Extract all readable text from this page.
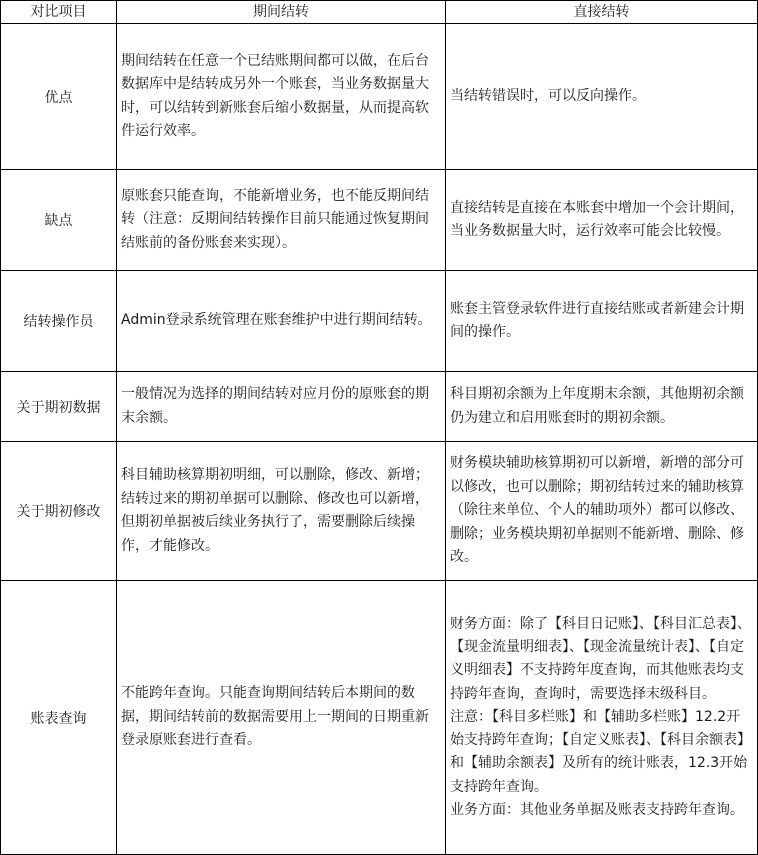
对比项目	期间结转	直接结转
优点	期间结转在任意一个已结账期间都可以做，在后台数据库中是结转成另外一个账套，当业务数据量大时，可以结转到新账套后缩小数据量，从而提高软件运行效率。	当结转错误时，可以反向操作。

缺点	原账套只能查询，不能新增业务，也不能反期间结转（注意：反期间结转操作目前只能通过恢复期间结账前的备份账套来实现）。	直接结转是直接在本账套中增加一个会计期间，当业务数据量大时，运行效率可能会比较慢。

结转操作员	Admin登录系统管理在账套维护中进行期间结转。	账套主管登录软件进行直接结账或者新建会计期间的操作。

关于期初数据	一般情况为选择的期间结转对应月份的原账套的期末余额。	科目期初余额为上年度期末余额，其他期初余额仍为建立和启用账套时的期初余额。

关于期初修改	科目辅助核算期初明细，可以删除，修改、新增；结转过来的期初单据可以删除、修改也可以新增，但期初单据被后续业务执行了，需要删除后续操作，才能修改。	财务模块辅助核算期初可以新增，新增的部分可以修改，也可以删除；期初结转过来的辅助核算（除往来单位、个人的辅助项外）都可以修改、删除；业务模块期初单据则不能新增、删除、修改。

账表查询	不能跨年查询。只能查询期间结转后本期间的数据，期间结转前的数据需要用上一期间的日期重新登录原账套进行查看。	财务方面：除了【科目日记账】、【科目汇总表】、【现金流量明细表】、【现金流量统计表】、【自定义明细表】不支持跨年度查询，而其他账表均支持跨年查询，查询时，需要选择末级科目。
注意：【科目多栏账】和【辅助多栏账】12.2开始支持跨年查询；【自定义账表】、【科目余额表】和【辅助余额表】及所有的统计账表，12.3开始支持跨年查询。
业务方面：其他业务单据及账表支持跨年查询。
